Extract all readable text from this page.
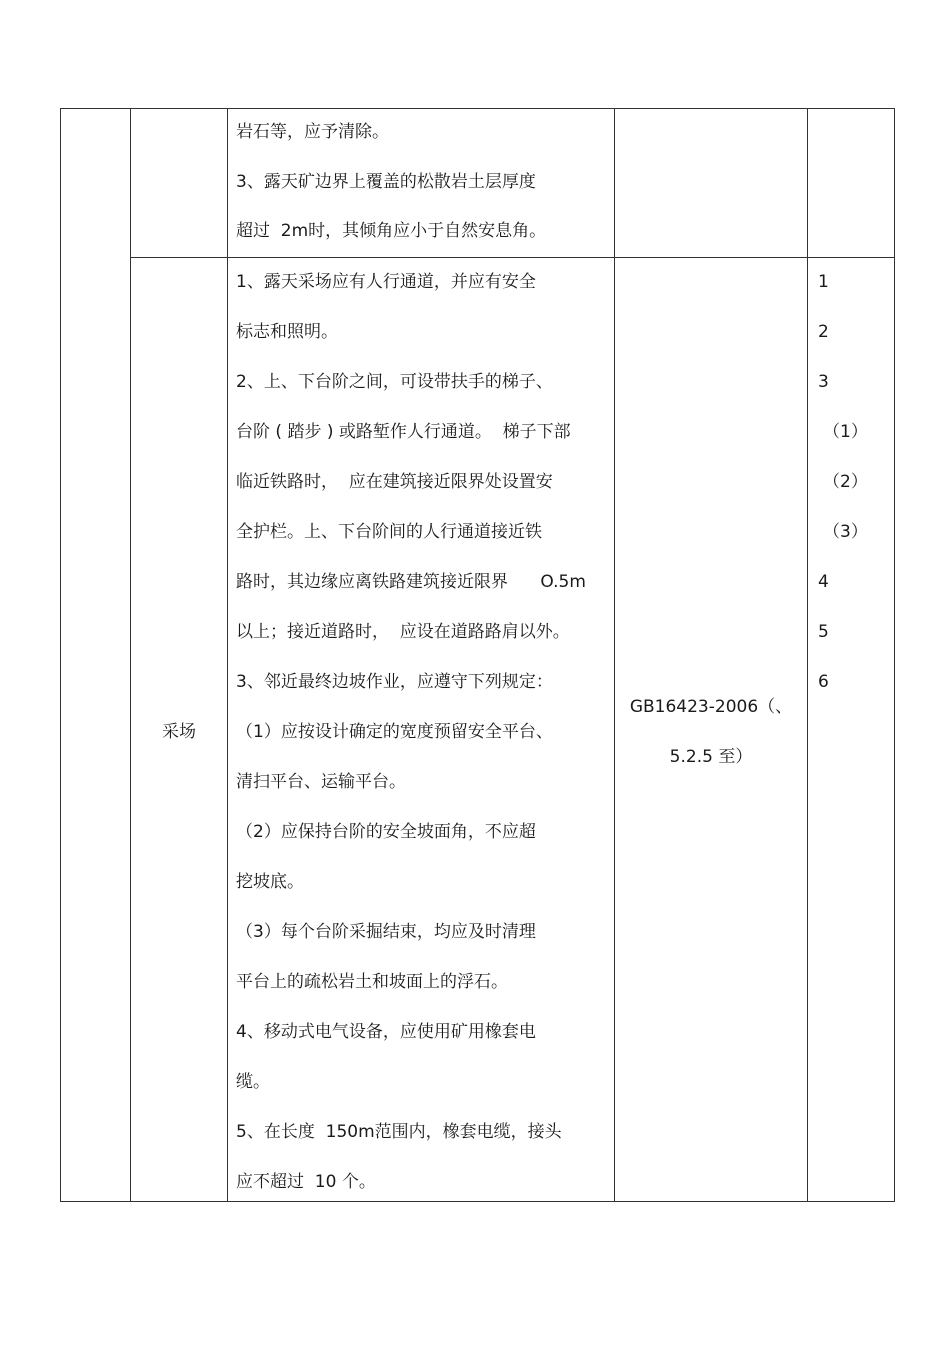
岩石等，应予清除。
3、露天矿边界上覆盖的松散岩土层厚度
超过  2m时，其倾角应小于自然安息角。
采场
1、露天采场应有人行通道，并应有安全
标志和照明。
2、上、下台阶之间，可设带扶手的梯子、
台阶 ( 踏步 ) 或路堑作人行通道。  梯子下部
临近铁路时，  应在建筑接近限界处设置安
全护栏。上、下台阶间的人行通道接近铁
路时，其边缘应离铁路建筑接近限界      O.5m
以上；接近道路时，  应设在道路路肩以外。
3、邻近最终边坡作业，应遵守下列规定：
（1）应按设计确定的宽度预留安全平台、
清扫平台、运输平台。
（2）应保持台阶的安全坡面角，不应超
挖坡底。
（3）每个台阶采掘结束，均应及时清理
平台上的疏松岩土和坡面上的浮石。
4、移动式电气设备，应使用矿用橡套电
缆。
5、在长度  150m范围内，橡套电缆，接头
应不超过  10 个。
GB16423-2006（、
5.2.5 至）
1
2
3
（1）
（2）
（3）
4
5
6
